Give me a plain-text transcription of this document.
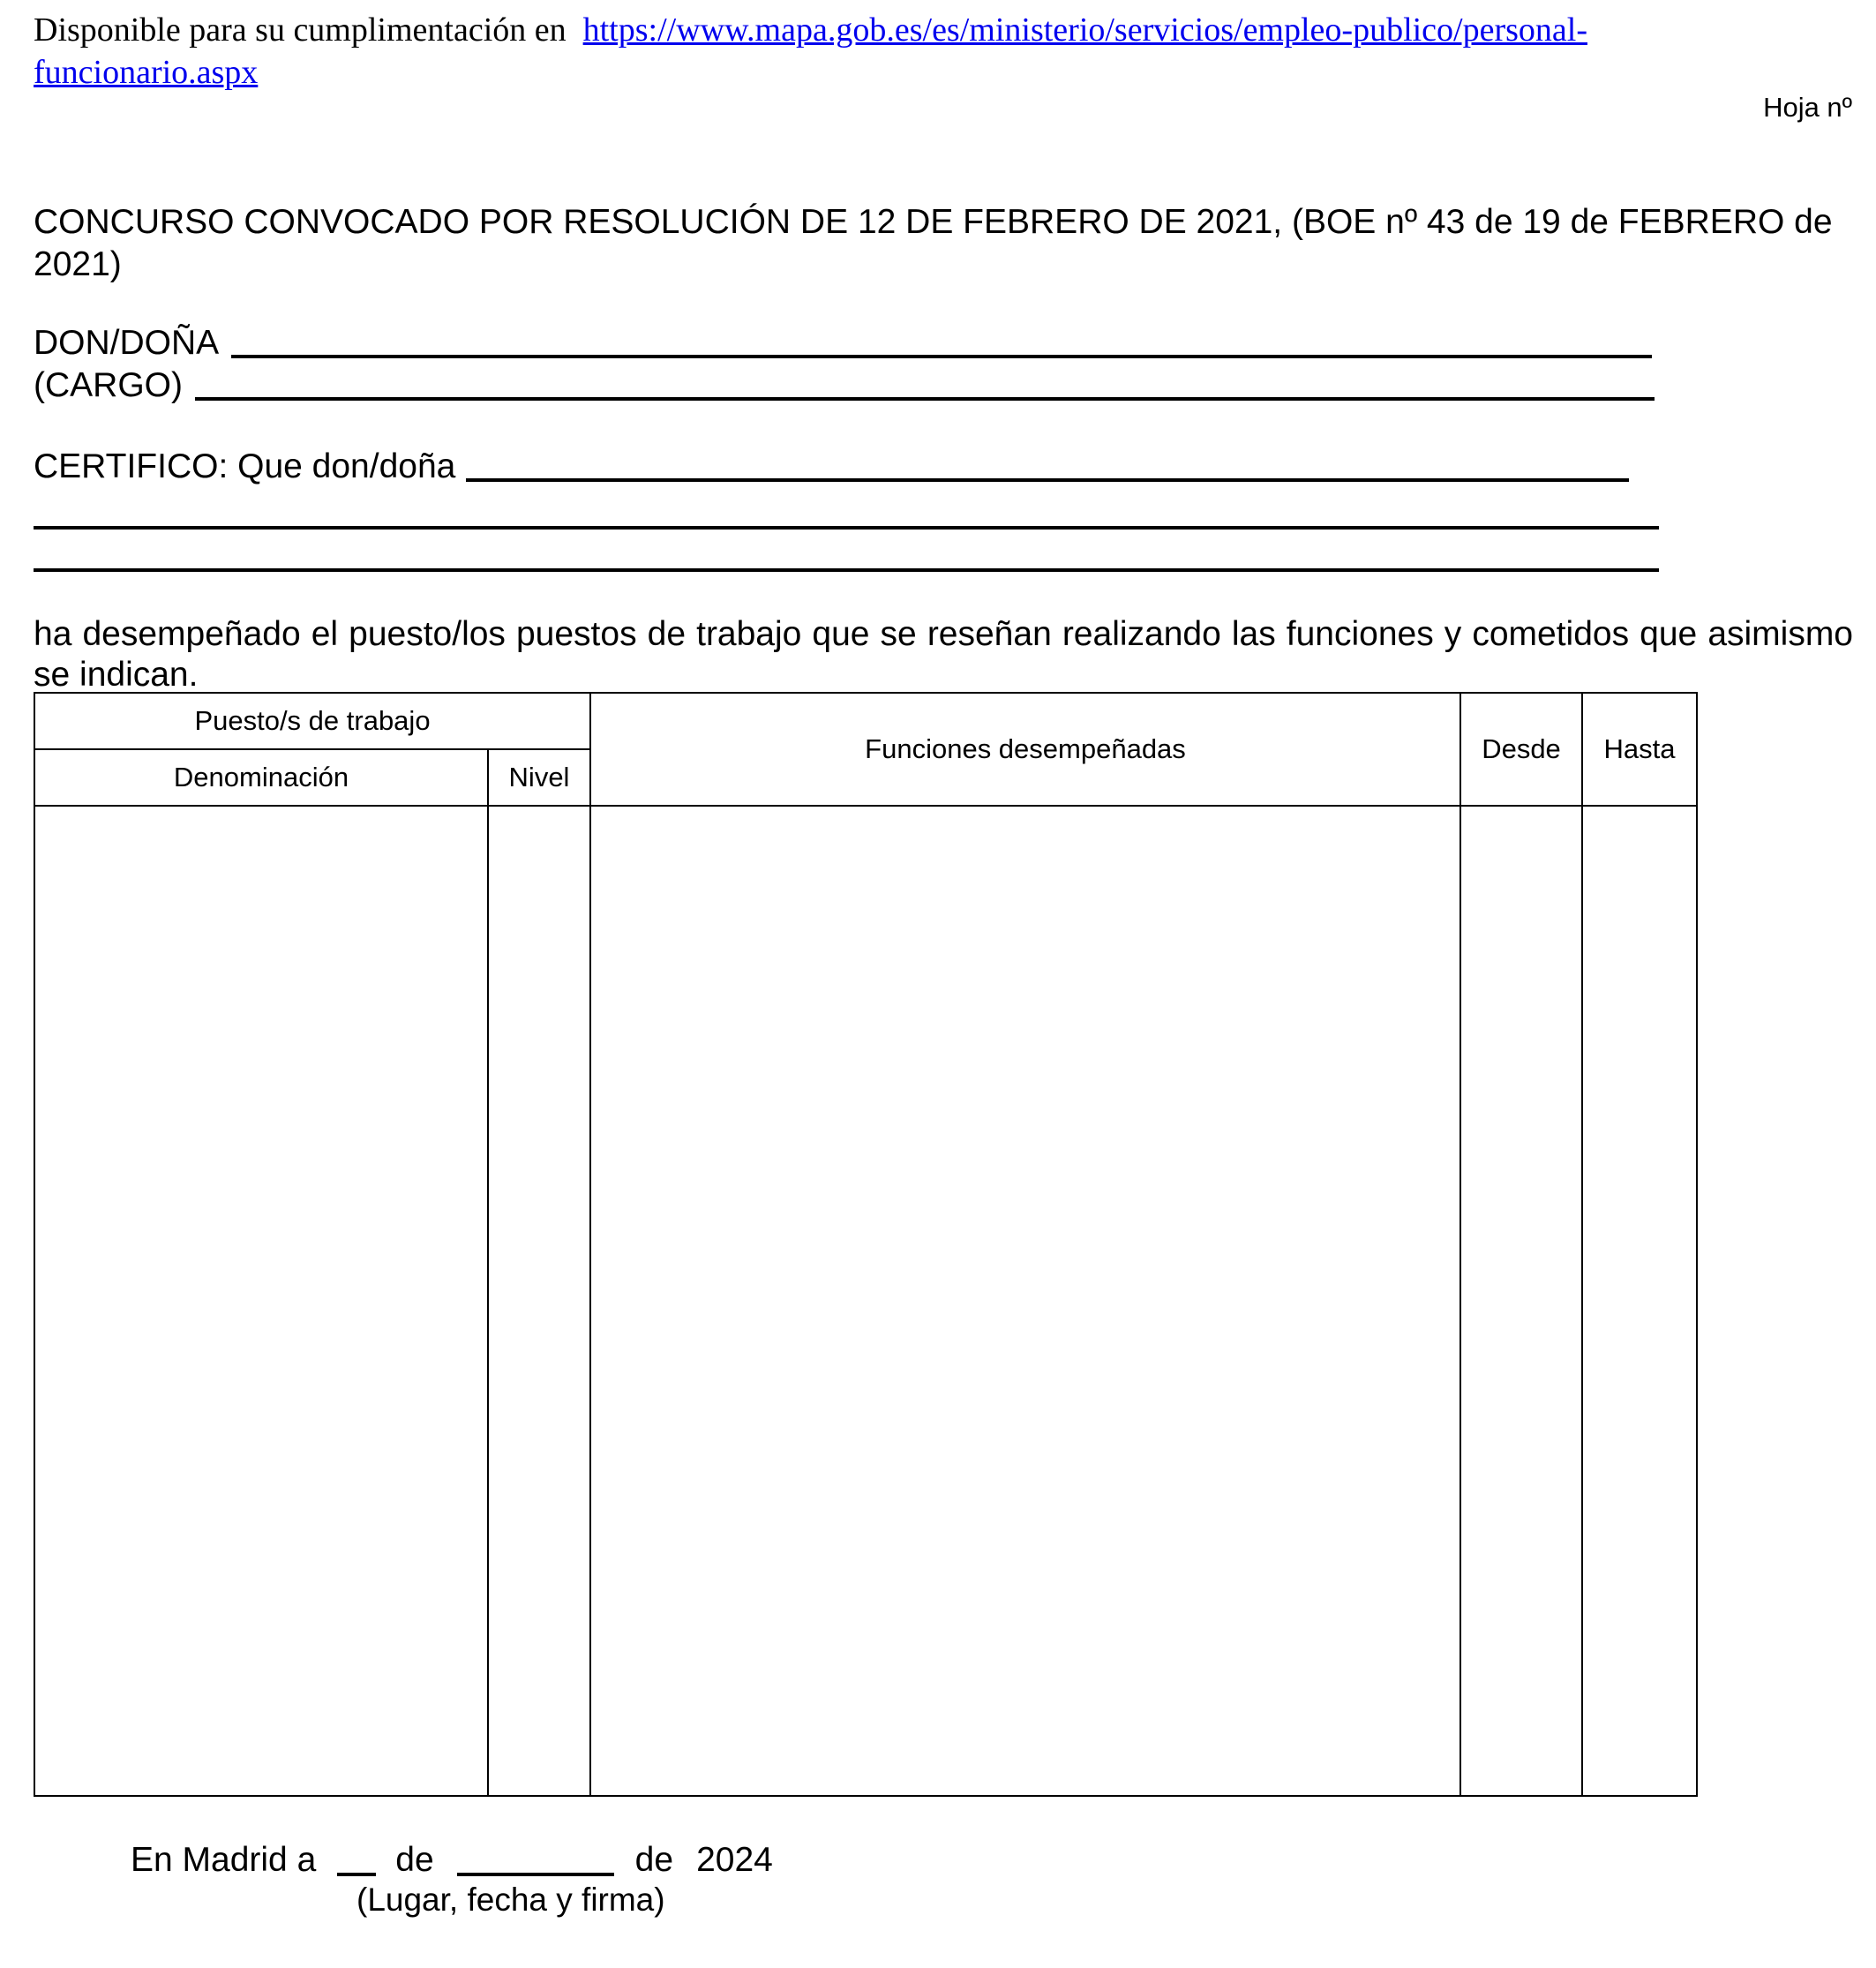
Disponible para su cumplimentación en https://www.mapa.gob.es/es/ministerio/servicios/empleo-publico/personal-
funcionario.aspx
Hoja nº
CONCURSO CONVOCADO POR RESOLUCIÓN DE 12 DE FEBRERO DE 2021, (BOE nº 43 de 19 de FEBRERO de 2021)
DON/DOÑA
(CARGO)
CERTIFICO: Que don/doña
ha desempeñado el puesto/los puestos de trabajo que se reseñan realizando las funciones y cometidos que asimismo se indican.
Puesto/s de trabajo
Denominación	Nivel
Funciones desempeñadas	Desde	Hasta
En Madrid a de	de 2024
(Lugar, fecha y firma)
